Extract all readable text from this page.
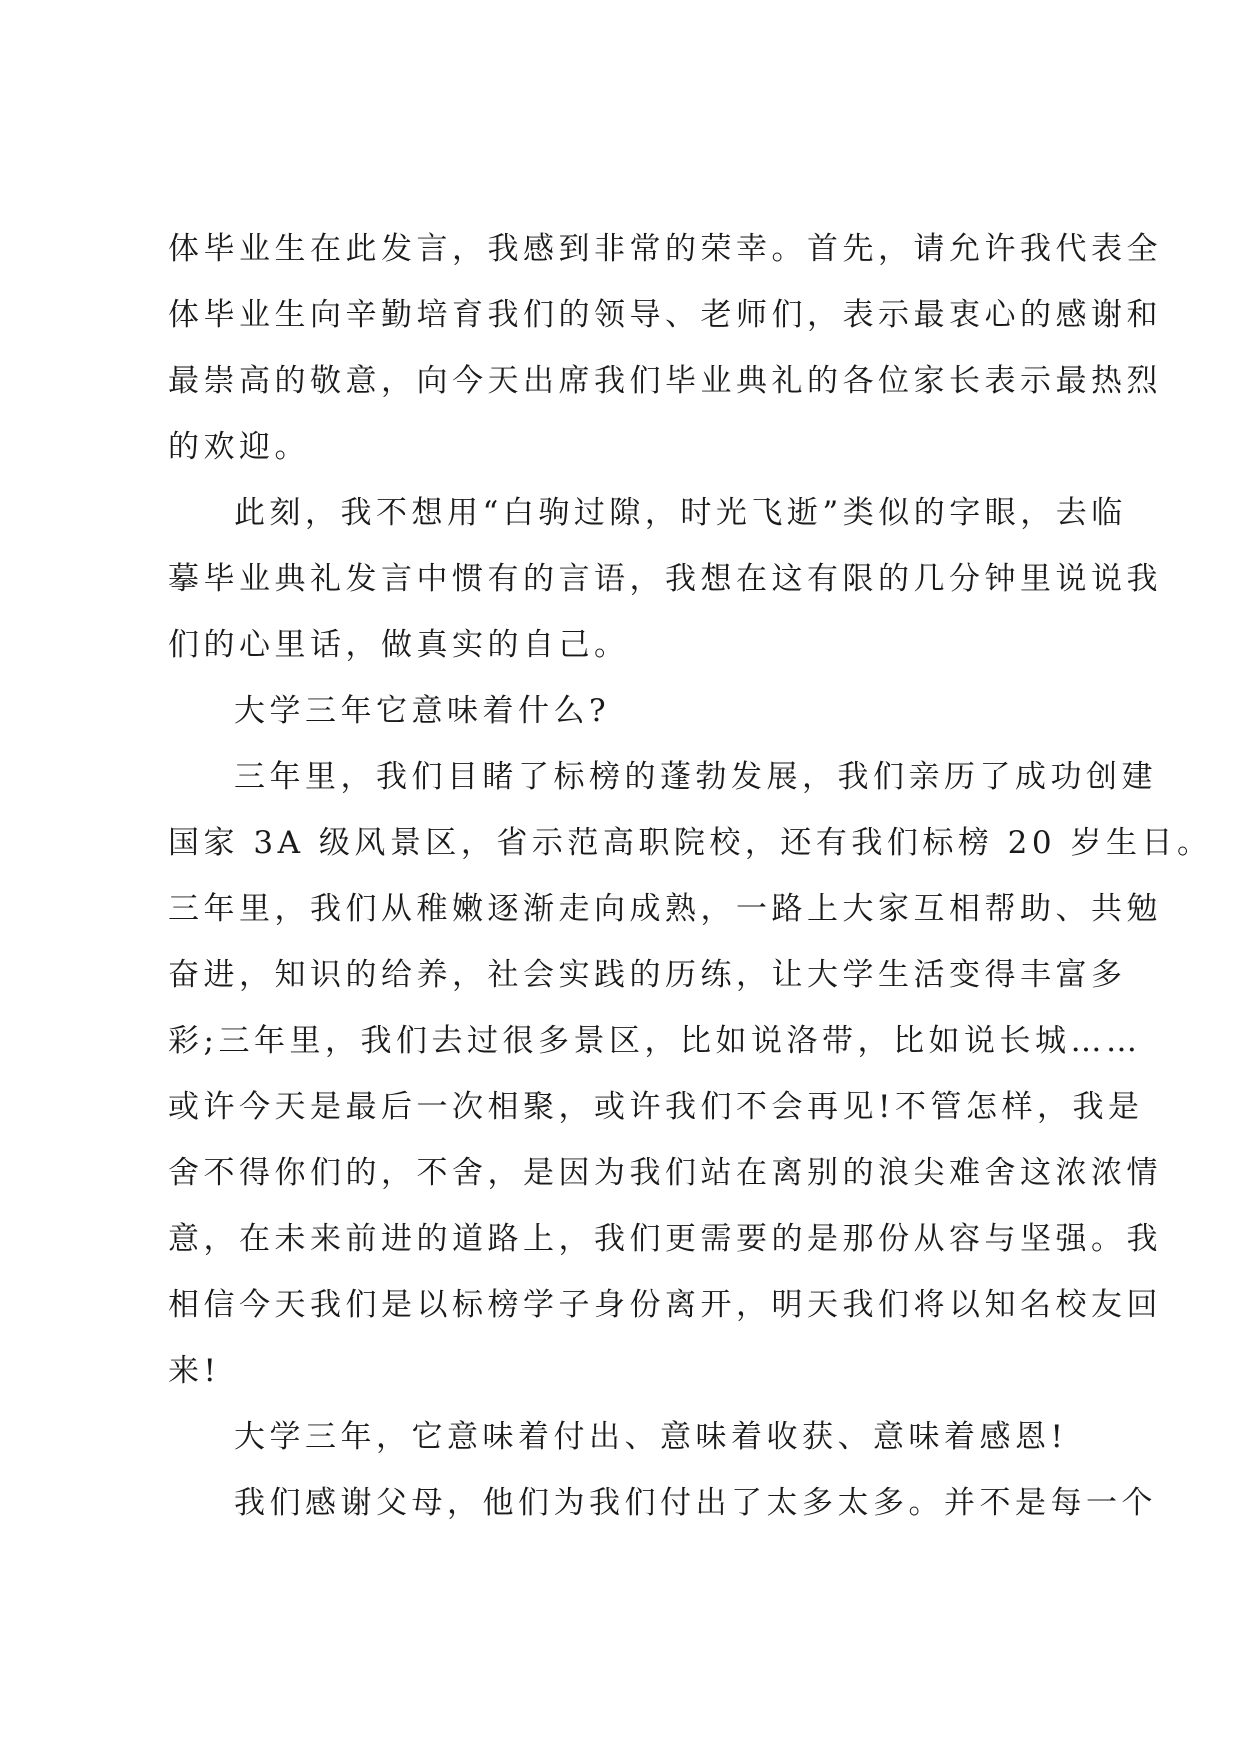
体毕业生在此发言，我感到非常的荣幸。首先，请允许我代表全
体毕业生向辛勤培育我们的领导、老师们，表示最衷心的感谢和
最崇高的敬意，向今天出席我们毕业典礼的各位家长表示最热烈
的欢迎。
此刻，我不想用“白驹过隙，时光飞逝”类似的字眼，去临
摹毕业典礼发言中惯有的言语，我想在这有限的几分钟里说说我
们的心里话，做真实的自己。
大学三年它意味着什么?
三年里，我们目睹了标榜的蓬勃发展，我们亲历了成功创建
国家 3A 级风景区，省示范高职院校，还有我们标榜 20 岁生日。
三年里，我们从稚嫩逐渐走向成熟，一路上大家互相帮助、共勉
奋进，知识的给养，社会实践的历练，让大学生活变得丰富多
彩;三年里，我们去过很多景区，比如说洛带，比如说长城……
或许今天是最后一次相聚，或许我们不会再见!不管怎样，我是
舍不得你们的，不舍，是因为我们站在离别的浪尖难舍这浓浓情
意，在未来前进的道路上，我们更需要的是那份从容与坚强。我
相信今天我们是以标榜学子身份离开，明天我们将以知名校友回
来!
大学三年，它意味着付出、意味着收获、意味着感恩!
我们感谢父母，他们为我们付出了太多太多。并不是每一个
